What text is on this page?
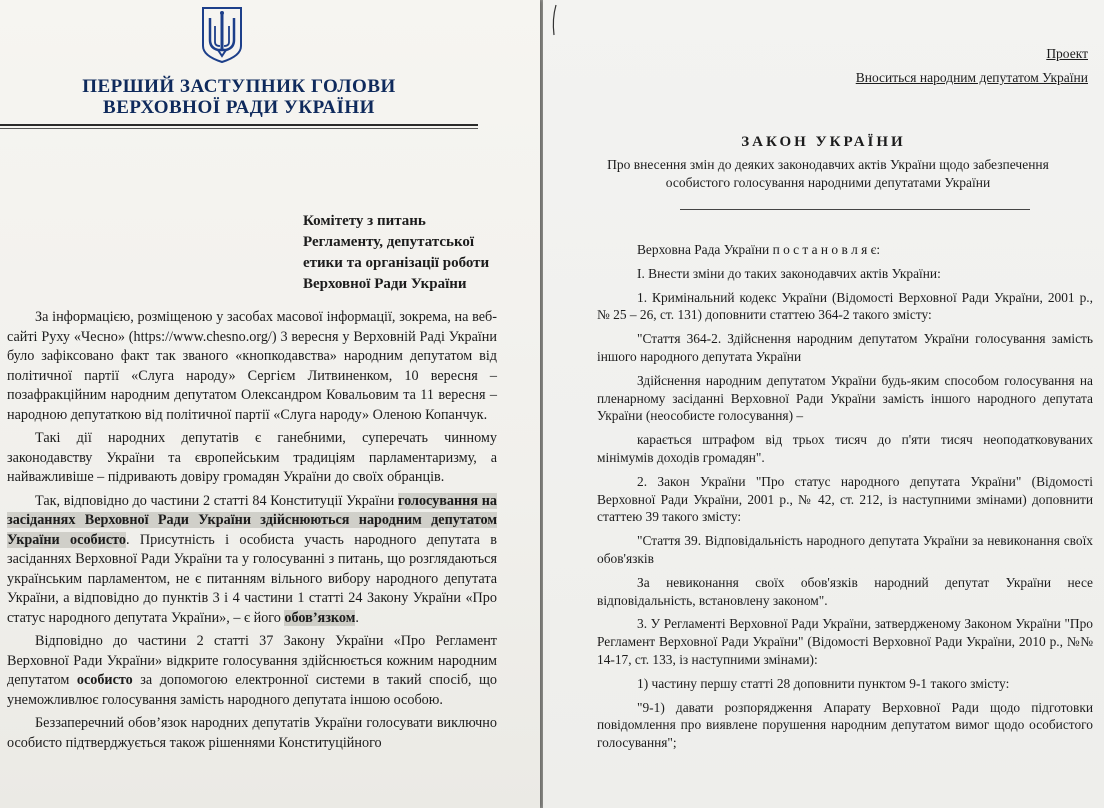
ПЕРШИЙ ЗАСТУПНИК ГОЛОВИ
ВЕРХОВНОЇ РАДИ УКРАЇНИ
Комітету з питань
Регламенту, депутатської
етики та організації роботи
Верховної Ради України

За інформацією, розміщеною у засобах масової інформації, зокрема, на веб-сайті Руху «Чесно» (https://www.chesno.org/) 3 вересня у Верховній Раді України було зафіксовано факт так званого «кнопкодавства» народним депутатом від політичної партії «Слуга народу» Сергієм Литвиненком, 10 вересня – позафракційним народним депутатом Олександром Ковальовим та 11 вересня – народною депутаткою від політичної партії «Слуга народу» Оленою Копанчук.

Такі дії народних депутатів є ганебними, суперечать чинному законодавству України та європейським традиціям парламентаризму, а найважливіше – підривають довіру громадян України до своїх обранців.

Так, відповідно до частини 2 статті 84 Конституції України голосування на засіданнях Верховної Ради України здійснюються народним депутатом України особисто. Присутність і особиста участь народного депутата в засіданнях Верховної Ради України та у голосуванні з питань, що розглядаються українським парламентом, не є питанням вільного вибору народного депутата України, а відповідно до пунктів 3 і 4 частини 1 статті 24 Закону України «Про статус народного депутата України», – є його обов’язком.

Відповідно до частини 2 статті 37 Закону України «Про Регламент Верховної Ради України» відкрите голосування здійснюється кожним народним депутатом особисто за допомогою електронної системи в такий спосіб, що унеможливлює голосування замість народного депутата іншою особою.

Беззаперечний обов’язок народних депутатів України голосувати виключно особисто підтверджується також рішеннями Конституційного

Проект
Вноситься народним депутатом України
ЗАКОН УКРАЇНИ
Про внесення змін до деяких законодавчих актів України щодо забезпечення особистого голосування народними депутатами України

Верховна Рада України п о с т а н о в л я є:

І. Внести зміни до таких законодавчих актів України:

1. Кримінальний кодекс України (Відомості Верховної Ради України, 2001 р., № 25 – 26, ст. 131) доповнити статтею 364-2 такого змісту:

"Стаття 364-2. Здійснення народним депутатом України голосування замість іншого народного депутата України

Здійснення народним депутатом України будь-яким способом голосування на пленарному засіданні Верховної Ради України замість іншого народного депутата України (неособисте голосування) –

карається штрафом від трьох тисяч до п'яти тисяч неоподатковуваних мінімумів доходів громадян".

2. Закон України "Про статус народного депутата України" (Відомості Верховної Ради України, 2001 р., № 42, ст. 212, із наступними змінами) доповнити статтею 39 такого змісту:

"Стаття 39. Відповідальність народного депутата України за невиконання своїх обов'язків

За невиконання своїх обов'язків народний депутат України несе відповідальність, встановлену законом".

3. У Регламенті Верховної Ради України, затвердженому Законом України "Про Регламент Верховної Ради України" (Відомості Верховної Ради України, 2010 р., №№ 14-17, ст. 133, із наступними змінами):

1) частину першу статті 28 доповнити пунктом 9-1 такого змісту:

"9-1) давати розпорядження Апарату Верховної Ради щодо підготовки повідомлення про виявлене порушення народним депутатом вимог щодо особистого голосування";
